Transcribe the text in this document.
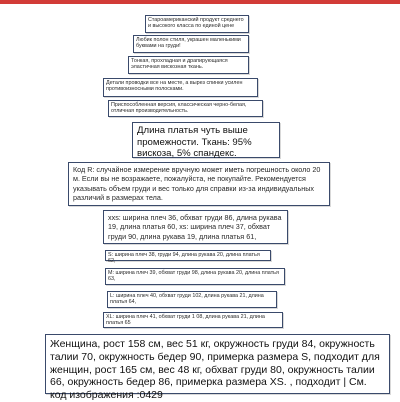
Староамериканский продукт среднего и высокого класса по единой цене
Любик полон стиля, украшен маленькими буквами на груди!
Тонкая, прохладная и драпирующаяся эластичная вискозная ткань.
Детали проводки все на месте, а вырез спинки усилен противоизносными полосками.
Приспособленная версия, классическая черно-белая, отличная производительность.
Длина платья чуть выше промежности. Ткань: 95% вискоза, 5% спандекс.
Код R: случайное измерение вручную может иметь погрешность около 20 м. Если вы не возражаете, пожалуйста, не покупайте. Рекомендуется указывать объем груди и вес только для справки из-за индивидуальных различий в размерах тела.
xxs: ширина плеч 36, обхват груди 86, длина рукава 19, длина платья 60, xs: ширина плеч 37, обхват груди 90, длина рукава 19, длина платья 61,
S: ширина плеч 38, груди 94, длина рукава 20, длина платья 62,
M: ширина плеч 39, обхват груди 98, длина рукава 20, длина платья 63,
L: ширина плеч 40, обхват груди 102, длина рукава 21, длина платья 64,
XL: ширина плеч 41, обхват груди 1 08, длина рукава 21, длина платья 65
Женщина, рост 158 см, вес 51 кг, окружность груди 84, окружность талии 70, окружность бедер 90, примерка размера S, подходит для женщин, рост 165 см, вес 48 кг, обхват груди 80, окружность талии 66, окружность бедер 86, примерка размера XS. , подходит | См. код изображения :0429
